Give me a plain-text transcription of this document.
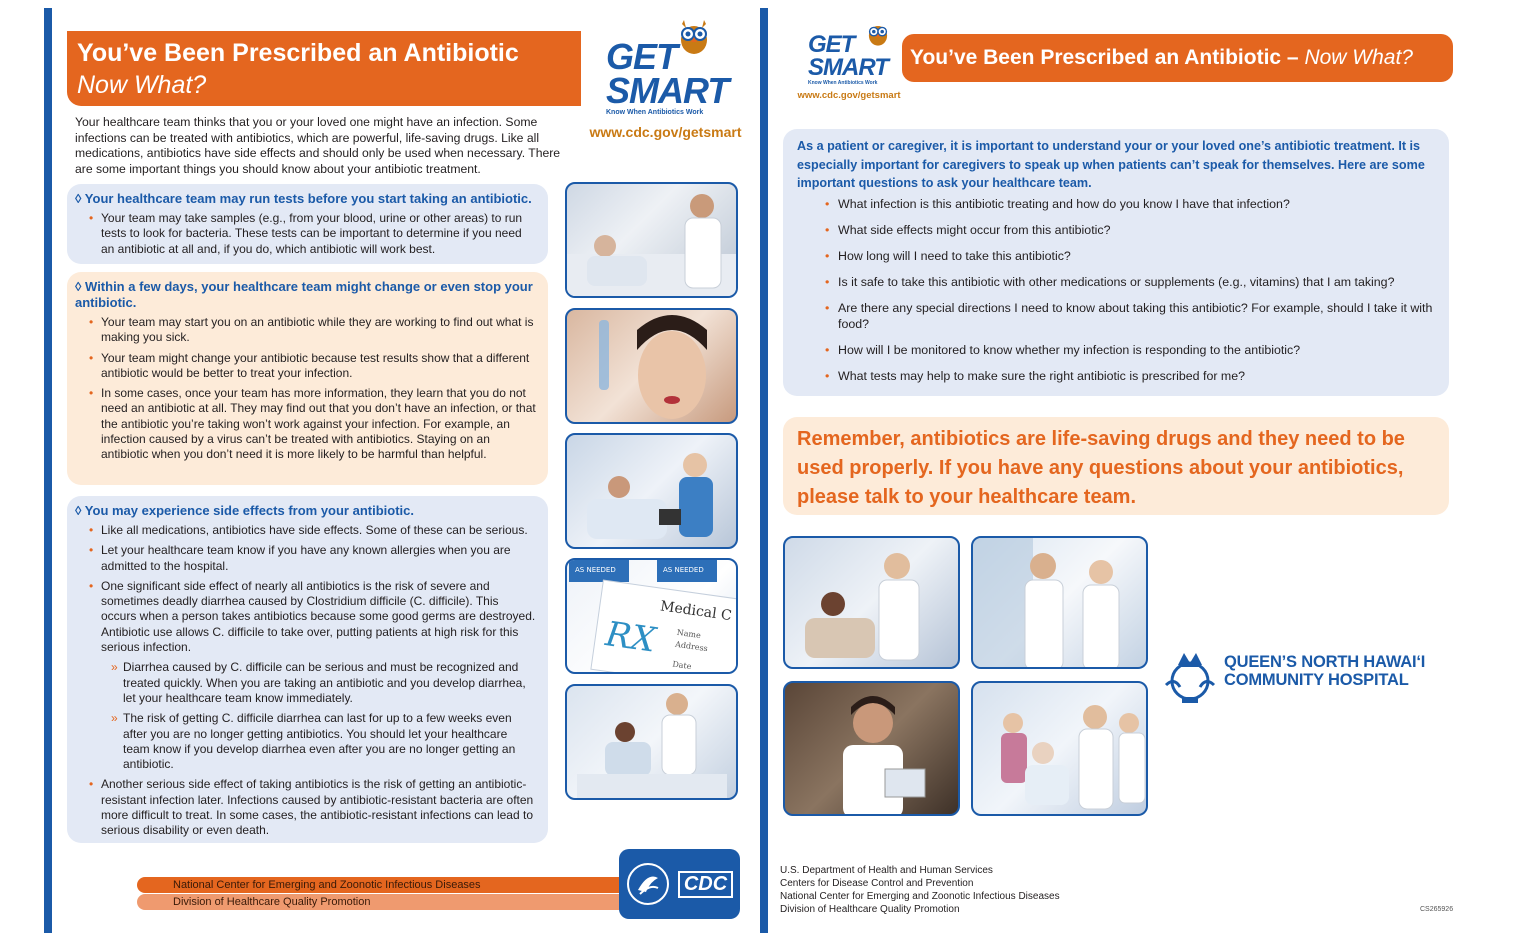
You’ve Been Prescribed an Antibiotic
Now What?
GET
SMART
Know When Antibiotics Work
www.cdc.gov/getsmart
Your healthcare team thinks that you or your loved one might have an infection. Some infections can be treated with antibiotics, which are powerful, life-saving drugs. Like all medications, antibiotics have side effects and should only be used when necessary. There are some important things you should know about your antibiotic treatment.
◊ Your healthcare team may run tests before you start taking an antibiotic.
• Your team may take samples (e.g., from your blood, urine or other areas) to run tests to look for bacteria. These tests can be important to determine if you need an antibiotic at all and, if you do, which antibiotic will work best.
◊ Within a few days, your healthcare team might change or even stop your antibiotic.
• Your team may start you on an antibiotic while they are working to find out what is making you sick.
• Your team might change your antibiotic because test results show that a different antibiotic would be better to treat your infection.
• In some cases, once your team has more information, they learn that you do not need an antibiotic at all. They may find out that you don’t have an infection, or that the antibiotic you’re taking won’t work against your infection. For example, an infection caused by a virus can’t be treated with antibiotics. Staying on an antibiotic when you don’t need it is more likely to be harmful than helpful.
◊ You may experience side effects from your antibiotic.
• Like all medications, antibiotics have side effects. Some of these can be serious.
• Let your healthcare team know if you have any known allergies when you are admitted to the hospital.
• One significant side effect of nearly all antibiotics is the risk of severe and sometimes deadly diarrhea caused by Clostridium difficile (C. difficile). This occurs when a person takes antibiotics because some good germs are destroyed. Antibiotic use allows C. difficile to take over, putting patients at high risk for this serious infection.
» Diarrhea caused by C. difficile can be serious and must be recognized and treated quickly. When you are taking an antibiotic and you develop diarrhea, let your healthcare team know immediately.
» The risk of getting C. difficile diarrhea can last for up to a few weeks even after you are no longer getting antibiotics. You should let your healthcare team know if you develop diarrhea even after you are no longer getting an antibiotic.
• Another serious side effect of taking antibiotics is the risk of getting an antibiotic-resistant infection later. Infections caused by antibiotic-resistant bacteria are often more difficult to treat. In some cases, the antibiotic-resistant infections can lead to serious disability or even death.
AS NEEDED	AS NEEDED
Medical C
RX Name
Address
Date
National Center for Emerging and Zoonotic Infectious Diseases
Division of Healthcare Quality Promotion
CDC
GET
SMART
Know When Antibiotics Work
www.cdc.gov/getsmart
You’ve Been Prescribed an Antibiotic – Now What?
As a patient or caregiver, it is important to understand your or your loved one’s antibiotic treatment. It is especially important for caregivers to speak up when patients can’t speak for themselves. Here are some important questions to ask your healthcare team.
• What infection is this antibiotic treating and how do you know I have that infection?
• What side effects might occur from this antibiotic?
• How long will I need to take this antibiotic?
• Is it safe to take this antibiotic with other medications or supplements (e.g., vitamins) that I am taking?
• Are there any special directions I need to know about taking this antibiotic? For example, should I take it with food?
• How will I be monitored to know whether my infection is responding to the antibiotic?
• What tests may help to make sure the right antibiotic is prescribed for me?
Remember, antibiotics are life-saving drugs and they need to be used properly. If you have any questions about your antibiotics, please talk to your healthcare team.
QUEEN’S NORTH HAWAI‘I
COMMUNITY HOSPITAL
U.S. Department of Health and Human Services
Centers for Disease Control and Prevention
National Center for Emerging and Zoonotic Infectious Diseases
Division of Healthcare Quality Promotion	CS265926
